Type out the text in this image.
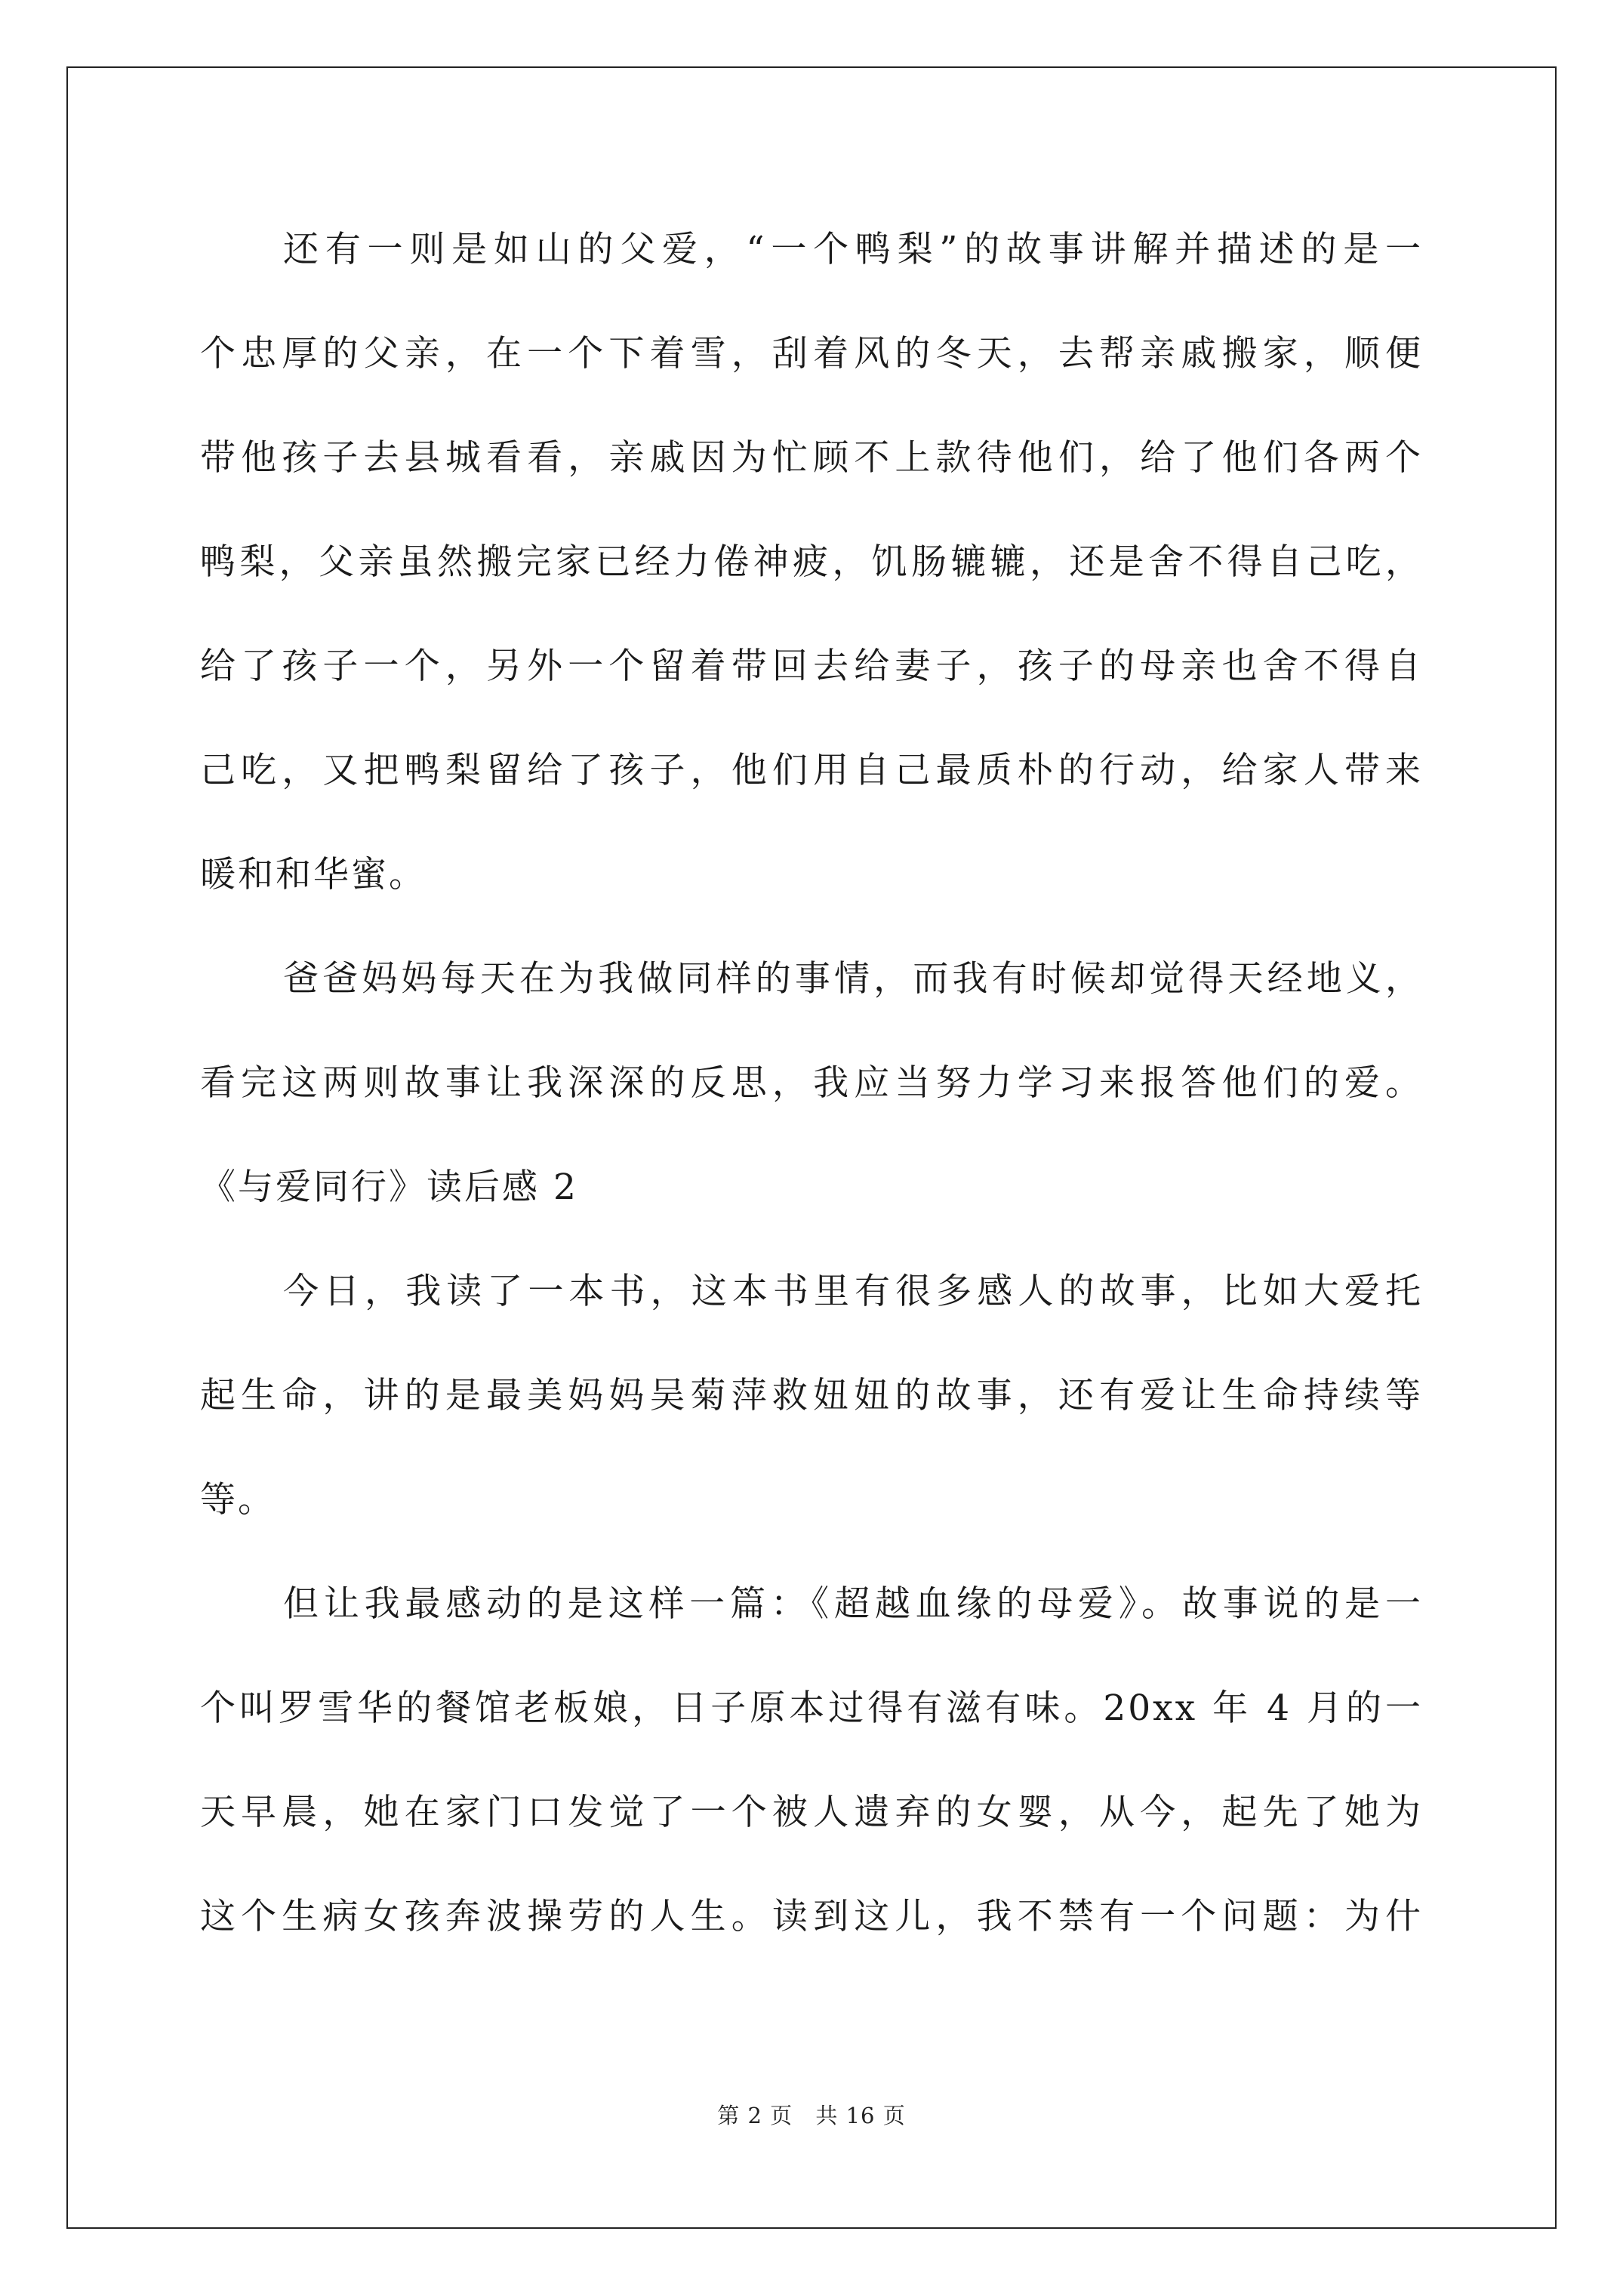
还有一则是如山的父爱，“一个鸭梨”的故事讲解并描述的是一
个忠厚的父亲，在一个下着雪，刮着风的冬天，去帮亲戚搬家，顺便
带他孩子去县城看看，亲戚因为忙顾不上款待他们，给了他们各两个
鸭梨，父亲虽然搬完家已经力倦神疲，饥肠辘辘，还是舍不得自己吃，
给了孩子一个，另外一个留着带回去给妻子，孩子的母亲也舍不得自
己吃，又把鸭梨留给了孩子，他们用自己最质朴的行动，给家人带来
暖和和华蜜。
爸爸妈妈每天在为我做同样的事情，而我有时候却觉得天经地义，
看完这两则故事让我深深的反思，我应当努力学习来报答他们的爱。
《与爱同行》读后感 2
今日，我读了一本书，这本书里有很多感人的故事，比如大爱托
起生命，讲的是最美妈妈吴菊萍救妞妞的故事，还有爱让生命持续等
等。
但让我最感动的是这样一篇：《超越血缘的母爱》。故事说的是一
个叫罗雪华的餐馆老板娘，日子原本过得有滋有味。20xx 年 4 月的一
天早晨，她在家门口发觉了一个被人遗弃的女婴，从今，起先了她为
这个生病女孩奔波操劳的人生。读到这儿，我不禁有一个问题：为什
第 2 页 共 16 页
